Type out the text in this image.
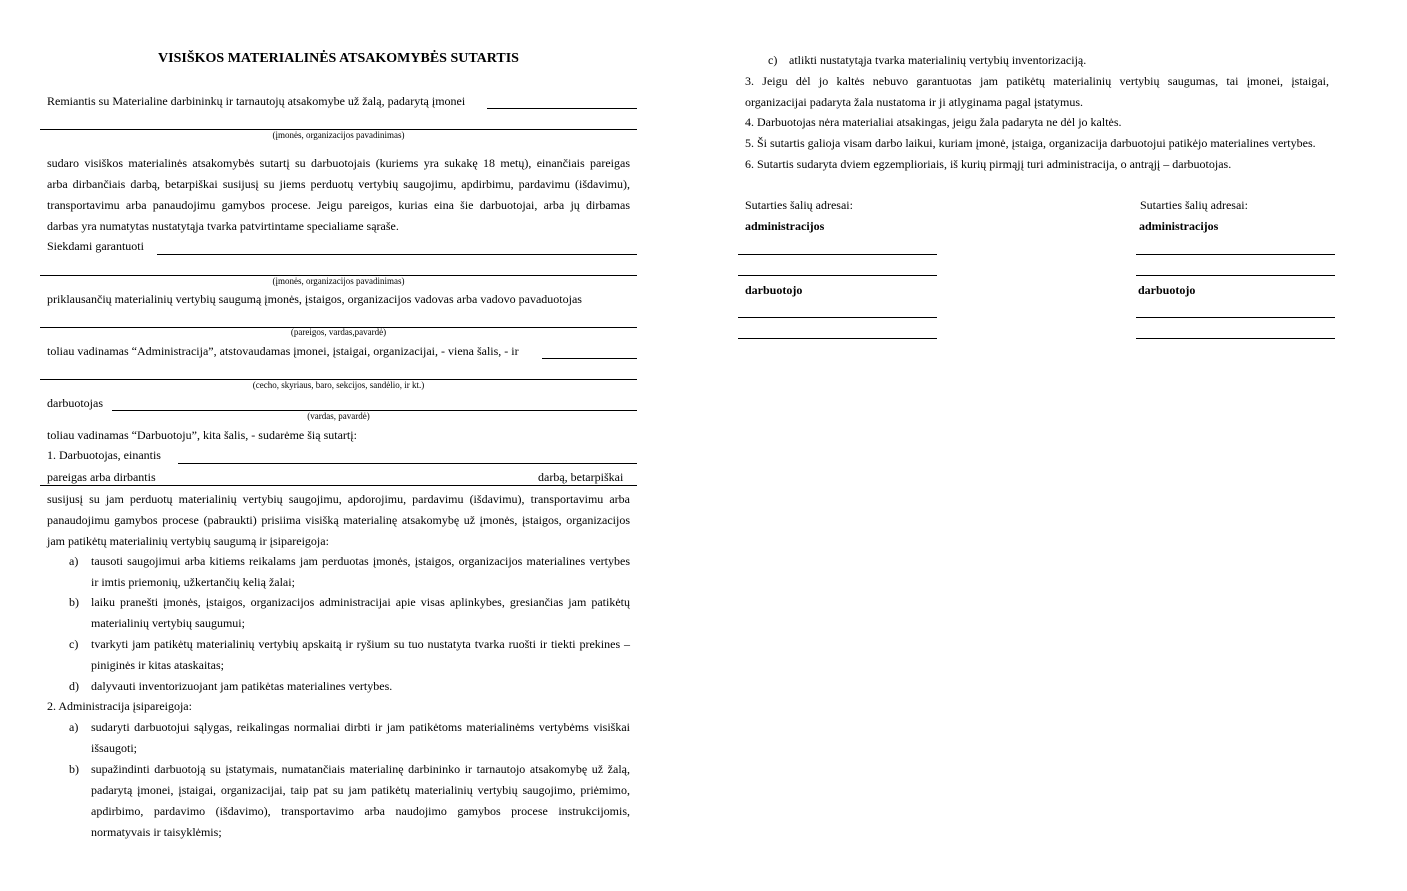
VISIŠKOS MATERIALINĖS ATSAKOMYBĖS SUTARTIS
Remiantis su Materialine darbininkų ir tarnautojų atsakomybe už žalą, padarytą įmonei
(įmonės, organizacijos pavadinimas)
sudaro visiškos materialinės atsakomybės sutartį su darbuotojais (kuriems yra sukakę 18 metų), einančiais pareigas
arba dirbančiais darbą, betarpiškai susijusį su jiems perduotų vertybių saugojimu, apdirbimu, pardavimu (išdavimu),
transportavimu arba panaudojimu gamybos procese. Jeigu pareigos, kurias eina šie darbuotojai, arba jų dirbamas
darbas yra numatytas nustatytąja tvarka patvirtintame specialiame sąraše.
Siekdami garantuoti
(įmonės, organizacijos pavadinimas)
priklausančių materialinių vertybių saugumą įmonės, įstaigos, organizacijos vadovas arba vadovo pavaduotojas
(pareigos, vardas,pavardė)
toliau vadinamas “Administracija”, atstovaudamas įmonei, įstaigai, organizacijai, - viena šalis, - ir
(cecho, skyriaus, baro, sekcijos, sandėlio, ir kt.)
darbuotojas
(vardas, pavardė)
toliau vadinamas “Darbuotoju”, kita šalis, - sudarėme šią sutartį:
1. Darbuotojas, einantis
pareigas arba dirbantis	darbą, betarpiškai
susijusį su jam perduotų materialinių vertybių saugojimu, apdorojimu, pardavimu (išdavimu), transportavimu arba
panaudojimu gamybos procese (pabraukti) prisiima visišką materialinę atsakomybę už įmonės, įstaigos, organizacijos
jam patikėtų materialinių vertybių saugumą ir įsipareigoja:
a) tausoti saugojimui arba kitiems reikalams jam perduotas įmonės, įstaigos, organizacijos materialines vertybes
ir imtis priemonių, užkertančių kelią žalai;
b) laiku pranešti įmonės, įstaigos, organizacijos administracijai apie visas aplinkybes, gresiančias jam patikėtų
materialinių vertybių saugumui;
c) tvarkyti jam patikėtų materialinių vertybių apskaitą ir ryšium su tuo nustatyta tvarka ruošti ir tiekti prekines –
piniginės ir kitas ataskaitas;
d) dalyvauti inventorizuojant jam patikėtas materialines vertybes.
2. Administracija įsipareigoja:
a) sudaryti darbuotojui sąlygas, reikalingas normaliai dirbti ir jam patikėtoms materialinėms vertybėms visiškai
išsaugoti;
b) supažindinti darbuotoją su įstatymais, numatančiais materialinę darbininko ir tarnautojo atsakomybę už žalą,
padarytą įmonei, įstaigai, organizacijai, taip pat su jam patikėtų materialinių vertybių saugojimo, priėmimo,
apdirbimo, pardavimo (išdavimo), transportavimo arba naudojimo gamybos procese instrukcijomis,
normatyvais ir taisyklėmis;
c) atlikti nustatytąja tvarka materialinių vertybių inventorizaciją.
3. Jeigu dėl jo kaltės nebuvo garantuotas jam patikėtų materialinių vertybių saugumas, tai įmonei, įstaigai,
organizacijai padaryta žala nustatoma ir ji atlyginama pagal įstatymus.
4. Darbuotojas nėra materialiai atsakingas, jeigu žala padaryta ne dėl jo kaltės.
5. Ši sutartis galioja visam darbo laikui, kuriam įmonė, įstaiga, organizacija darbuotojui patikėjo materialines vertybes.
6. Sutartis sudaryta dviem egzemplioriais, iš kurių pirmąjį turi administracija, o antrąjį – darbuotojas.
Sutarties šalių adresai:
administracijos
darbuotojo
Sutarties šalių adresai:
administracijos
darbuotojo
